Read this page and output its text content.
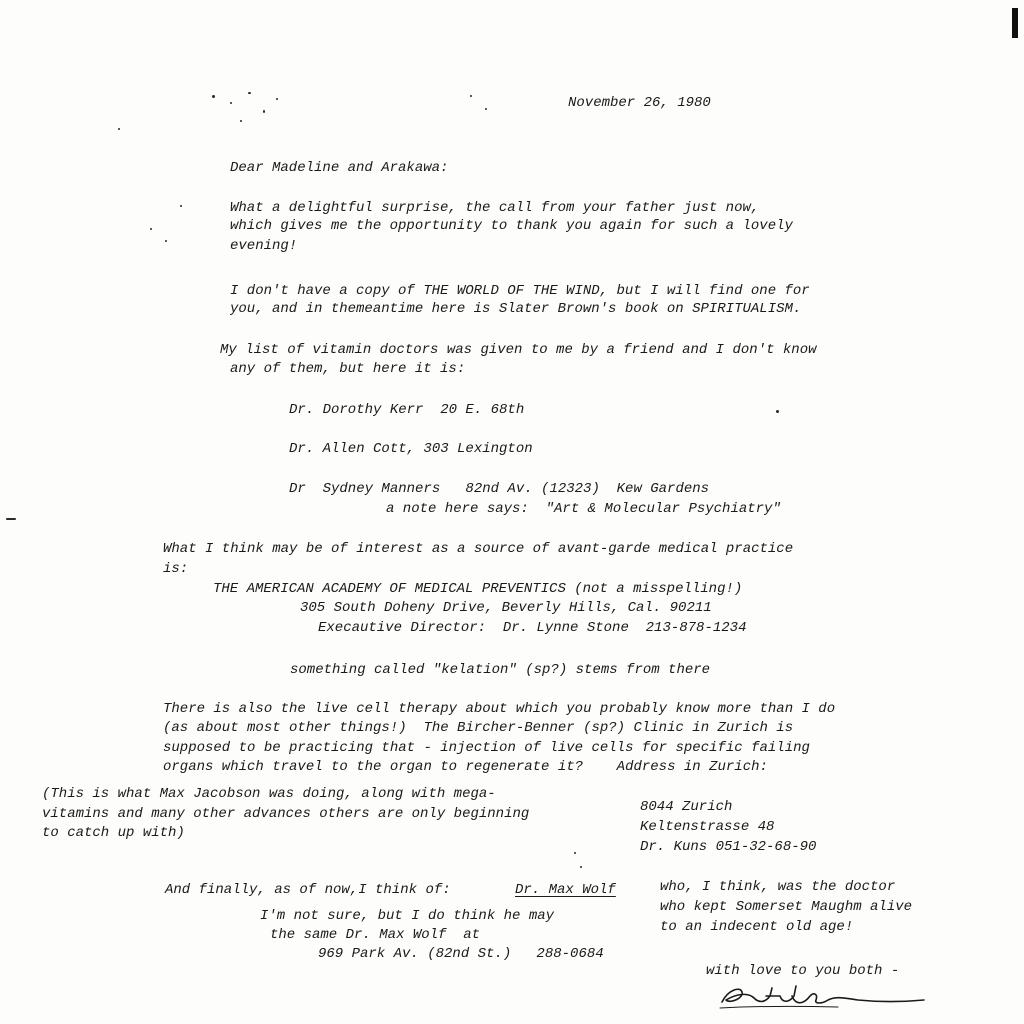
November 26, 1980
Dear Madeline and Arakawa:
What a delightful surprise, the call from your father just now,
which gives me the opportunity to thank you again for such a lovely
evening!
I don't have a copy of THE WORLD OF THE WIND, but I will find one for
you, and in themeantime here is Slater Brown's book on SPIRITUALISM.
My list of vitamin doctors was given to me by a friend and I don't know
any of them, but here it is:
Dr. Dorothy Kerr  20 E. 68th
Dr. Allen Cott, 303 Lexington
Dr  Sydney Manners   82nd Av. (12323)  Kew Gardens
a note here says:  "Art & Molecular Psychiatry"
What I think may be of interest as a source of avant-garde medical practice
is:
THE AMERICAN ACADEMY OF MEDICAL PREVENTICS (not a misspelling!)
305 South Doheny Drive, Beverly Hills, Cal. 90211
Execautive Director:  Dr. Lynne Stone  213-878-1234
something called "kelation" (sp?) stems from there
There is also the live cell therapy about which you probably know more than I do
(as about most other things!)  The Bircher-Benner (sp?) Clinic in Zurich is
supposed to be practicing that - injection of live cells for specific failing
organs which travel to the organ to regenerate it?    Address in Zurich:
(This is what Max Jacobson was doing, along with mega-
vitamins and many other advances others are only beginning
to catch up with)
8044 Zurich
Keltenstrasse 48
Dr. Kuns 051-32-68-90
And finally, as of now,I think of:	Dr. Max Wolf
I'm not sure, but I do think he may
the same Dr. Max Wolf  at
969 Park Av. (82nd St.)   288-0684
who, I think, was the doctor
who kept Somerset Maughm alive
to an indecent old age!
with love to you both -
